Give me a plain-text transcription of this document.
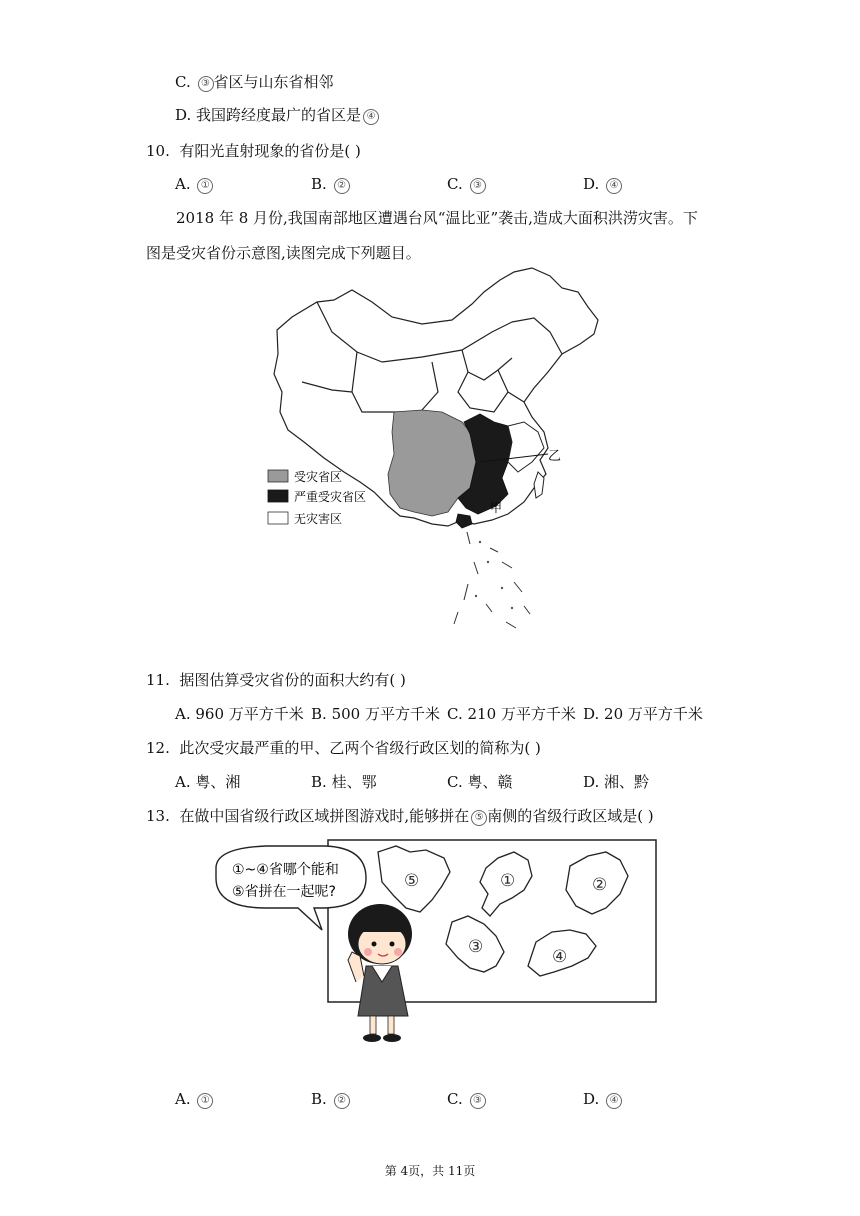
C. ③ 省区与山东省相邻
D. 我国跨经度最广的省区是 ④
10. 有阳光直射现象的省份是( )
A. ①	B. ②	C. ③	D. ④
2018 年 8 月份,我国南部地区遭遇台风“温比亚”袭击,造成大面积洪涝灾害。下
图是受灾省份示意图,读图完成下列题目。
乙
甲
受灾省区
严重受灾省区
无灾害区
11. 据图估算受灾省份的面积大约有( )
A. 960 万平方千米 B. 500 万平方千米 C. 210 万平方千米 D. 20 万平方千米
12. 此次受灾最严重的甲、乙两个省级行政区划的简称为( )
A. 粤、湘	B. 桂、鄂	C. 粤、赣	D. 湘、黔
13. 在做中国省级行政区域拼图游戏时,能够拼在 ⑤ 南侧的省级行政区域是( )
①~④省哪个能和
⑤省拼在一起呢?
⑤	①	②
③	④
A. ①	B. ②	C. ③	D. ④
第 4页，共 11页
